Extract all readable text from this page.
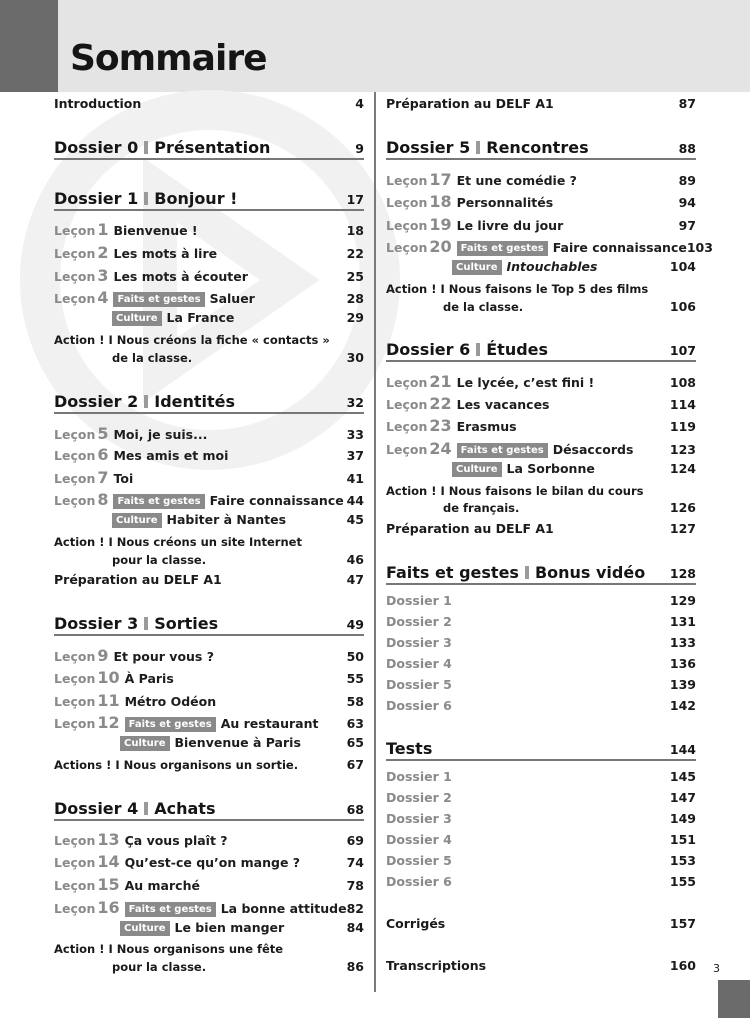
Sommaire
3
Introduction	4
Dossier 0 Présentation	9
Dossier 1 Bonjour !	17
Leçon 1 Bienvenue !	18
Leçon 2 Les mots à lire	22
Leçon 3 Les mots à écouter	25
Leçon 4 Faits et gestes Saluer	28
Culture La France	29
Action ! I Nous créons la fiche « contacts »
de la classe.	30
Dossier 2 Identités	32
Leçon 5 Moi, je suis...	33
Leçon 6 Mes amis et moi	37
Leçon 7 Toi	41
Leçon 8 Faits et gestes Faire connaissance 44
Culture Habiter à Nantes	45
Action ! I Nous créons un site Internet
pour la classe.	46
Préparation au DELF A1	47
Dossier 3 Sorties	49
Leçon 9 Et pour vous ?	50
Leçon 10 À Paris	55
Leçon 11 Métro Odéon	58
Leçon 12 Faits et gestes Au restaurant 63
Culture Bienvenue à Paris	65
Actions ! I Nous organisons un sortie.	67
Dossier 4 Achats	68
Leçon 13 Ça vous plaît ?	69
Leçon 14 Qu’est-ce qu’on mange ?	74
Leçon 15 Au marché	78
Leçon 16 Faits et gestes La bonne attitude 82
Culture Le bien manger	84
Action ! I Nous organisons une fête
pour la classe.	86
Préparation au DELF A1	87
Dossier 5 Rencontres	88
Leçon 17 Et une comédie ?	89
Leçon 18 Personnalités	94
Leçon 19 Le livre du jour	97
Leçon 20 Faits et gestes Faire connaissance 103
Culture Intouchables	104
Action ! I Nous faisons le Top 5 des films
de la classe.	106
Dossier 6 Études	107
Leçon 21 Le lycée, c’est fini !	108
Leçon 22 Les vacances	114
Leçon 23 Erasmus	119
Leçon 24 Faits et gestes Désaccords	123
Culture La Sorbonne	124
Action ! I Nous faisons le bilan du cours
de français.	126
Préparation au DELF A1	127
Faits et gestes Bonus vidéo	128
Dossier 1	129
Dossier 2	131
Dossier 3	133
Dossier 4	136
Dossier 5	139
Dossier 6	142
Tests	144
Dossier 1	145
Dossier 2	147
Dossier 3	149
Dossier 4	151
Dossier 5	153
Dossier 6	155
Corrigés	157
Transcriptions	160
